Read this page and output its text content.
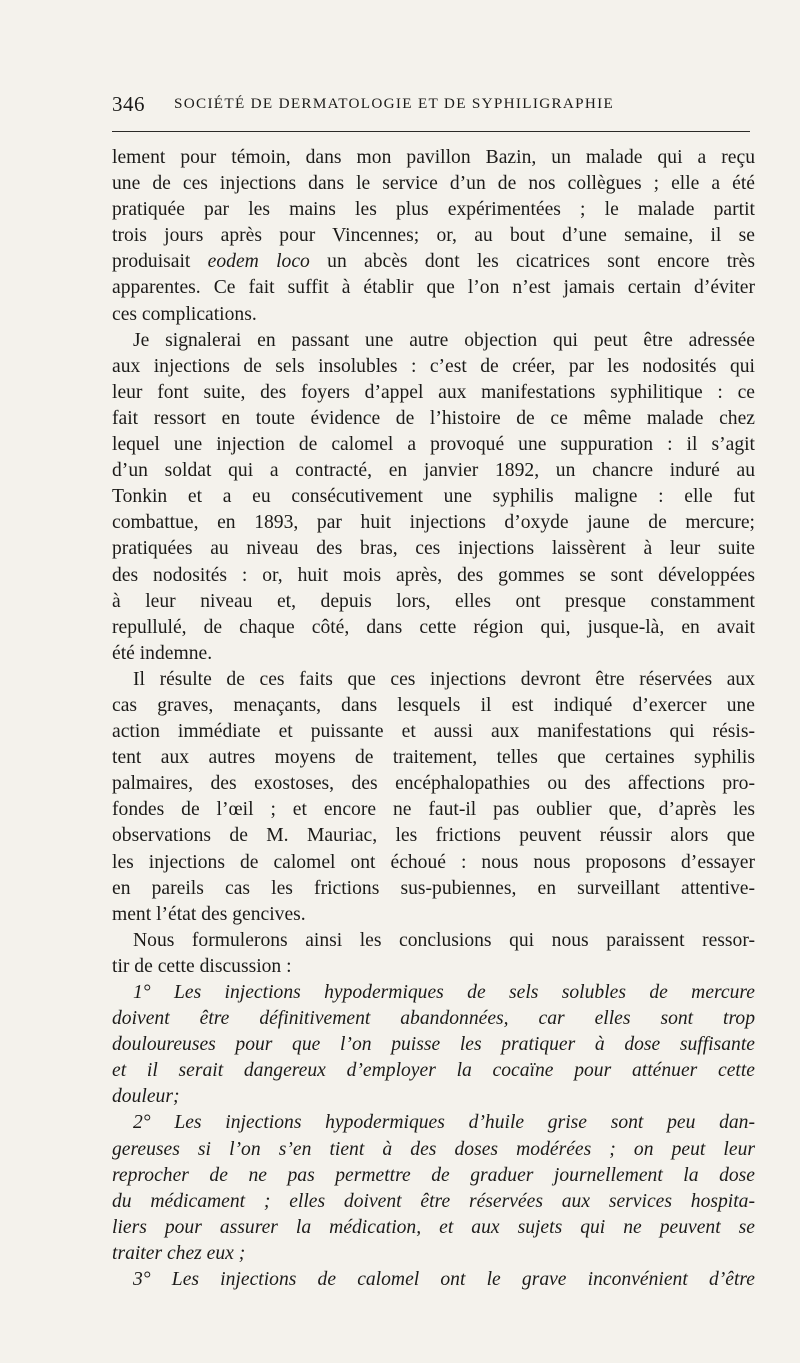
346 SOCIÉTÉ DE DERMATOLOGIE ET DE SYPHILIGRAPHIE
lement pour témoin, dans mon pavillon Bazin, un malade qui a reçu
une de ces injections dans le service d’un de nos collègues ; elle a été
pratiquée par les mains les plus expérimentées ; le malade partit
trois jours après pour Vincennes; or, au bout d’une semaine, il se
produisait eodem loco un abcès dont les cicatrices sont encore très
apparentes. Ce fait suffit à établir que l’on n’est jamais certain d’éviter
ces complications.
Je signalerai en passant une autre objection qui peut être adressée
aux injections de sels insolubles : c’est de créer, par les nodosités qui
leur font suite, des foyers d’appel aux manifestations syphilitique : ce
fait ressort en toute évidence de l’histoire de ce même malade chez
lequel une injection de calomel a provoqué une suppuration : il s’agit
d’un soldat qui a contracté, en janvier 1892, un chancre induré au
Tonkin et a eu consécutivement une syphilis maligne : elle fut
combattue, en 1893, par huit injections d’oxyde jaune de mercure;
pratiquées au niveau des bras, ces injections laissèrent à leur suite
des nodosités : or, huit mois après, des gommes se sont développées
à leur niveau et, depuis lors, elles ont presque constamment
repullulé, de chaque côté, dans cette région qui, jusque-là, en avait
été indemne.
Il résulte de ces faits que ces injections devront être réservées aux
cas graves, menaçants, dans lesquels il est indiqué d’exercer une
action immédiate et puissante et aussi aux manifestations qui résis-
tent aux autres moyens de traitement, telles que certaines syphilis
palmaires, des exostoses, des encéphalopathies ou des affections pro-
fondes de l’œil ; et encore ne faut-il pas oublier que, d’après les
observations de M. Mauriac, les frictions peuvent réussir alors que
les injections de calomel ont échoué : nous nous proposons d’essayer
en pareils cas les frictions sus-pubiennes, en surveillant attentive-
ment l’état des gencives.
Nous formulerons ainsi les conclusions qui nous paraissent ressor-
tir de cette discussion :
1° Les injections hypodermiques de sels solubles de mercure
doivent être définitivement abandonnées, car elles sont trop
douloureuses pour que l’on puisse les pratiquer à dose suffisante
et il serait dangereux d’employer la cocaïne pour atténuer cette
douleur;
2° Les injections hypodermiques d’huile grise sont peu dan-
gereuses si l’on s’en tient à des doses modérées ; on peut leur
reprocher de ne pas permettre de graduer journellement la dose
du médicament ; elles doivent être réservées aux services hospita-
liers pour assurer la médication, et aux sujets qui ne peuvent se
traiter chez eux ;
3° Les injections de calomel ont le grave inconvénient d’être
